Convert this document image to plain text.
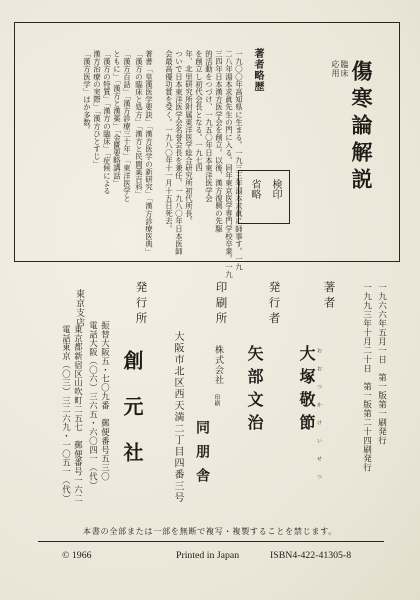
臨床
応用 傷寒論解説
検印
省略
著者略歴
一九〇〇年高知県に生まる。一九三三年湯本求眞に師事す。一九
二八年湯本求眞先生の門に入る。同年東京医学専門学校卒業。一九
三四年日本漢方医学会を創立。以後、漢方復興の先駆
的活動をつづけ、一九五〇年日本東洋医学会
を創立し初代会長となる。一九七四
年、北里研究所附属東洋医学総合研究所初代所長。
ついで日本東洋医学会名誉会長を兼任。一九八〇年日本医師
会最高優功賞を受く。一九八〇年十一月十五日死去。
著書「皇漢医学要訣」「漢方医学の新研究」「漢方診療医典」
「漢方の臨床と処方」「漢方と民間薬百科」
「漢方百話」「漢方診療三十年」「東洋医学と
ともに」「漢方と漢薬」「金匱要略講話」
「漢方の特質」「漢方の臨床」「症候による
漢方治療の実際」「漢方ひとすじ」
「漢方医学」ほか多数。
一九六六年五月一日　第一版第一刷発行
一九九三年十月二十日　第一版第二十四刷発行
著者
おおつかけいせつ
大塚敬節
発行者
矢部文治
印刷所
株式会社
印刷
同朋舎
大阪市北区西天満二丁目四番三号
発行所
創元社
振替大阪五・七〇九番　郵便番号五三〇
電話大阪（〇六）三六五・六〇四一（代）
東京支店
東京都新宿区山吹町二五七　郵便番号一六二
電話東京（〇三）三二六九・一〇五一（代）
本書の全部または一部を無断で複写・複製することを禁じます。
© 1966	Printed in Japan	ISBN4-422-41305-8
